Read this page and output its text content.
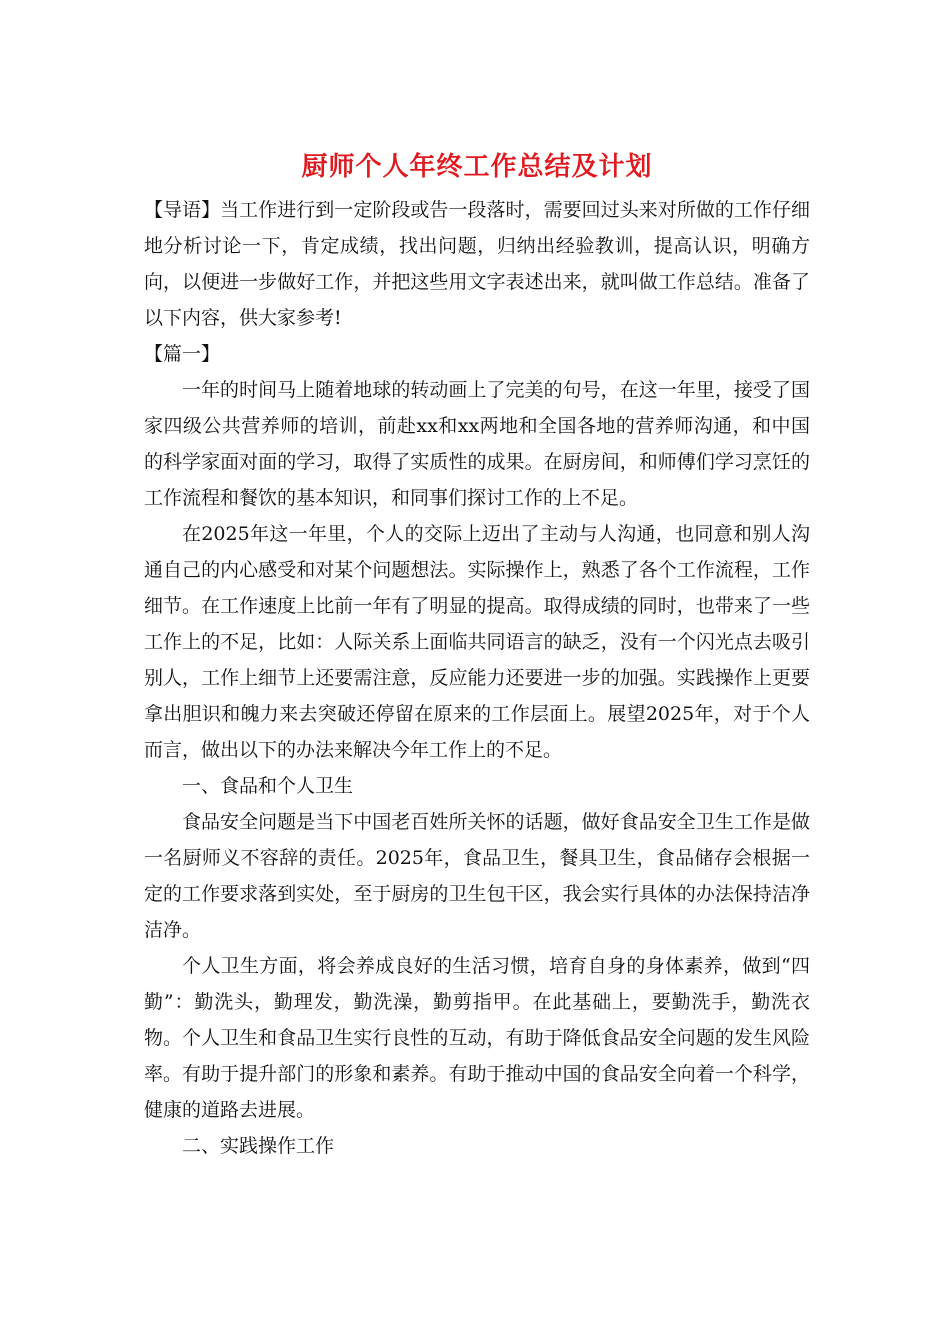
厨师个人年终工作总结及计划

【导语】当工作进行到一定阶段或告一段落时，需要回过头来对所做的工作仔细地分析讨论一下，肯定成绩，找出问题，归纳出经验教训，提高认识，明确方向，以便进一步做好工作，并把这些用文字表述出来，就叫做工作总结。准备了以下内容，供大家参考!

【篇一】

一年的时间马上随着地球的转动画上了完美的句号，在这一年里，接受了国家四级公共营养师的培训，前赴xx和xx两地和全国各地的营养师沟通，和中国的科学家面对面的学习，取得了实质性的成果。在厨房间，和师傅们学习烹饪的工作流程和餐饮的基本知识，和同事们探讨工作的上不足。

在2025年这一年里，个人的交际上迈出了主动与人沟通，也同意和别人沟通自己的内心感受和对某个问题想法。实际操作上，熟悉了各个工作流程，工作细节。在工作速度上比前一年有了明显的提高。取得成绩的同时，也带来了一些工作上的不足，比如：人际关系上面临共同语言的缺乏，没有一个闪光点去吸引别人，工作上细节上还要需注意，反应能力还要进一步的加强。实践操作上更要拿出胆识和魄力来去突破还停留在原来的工作层面上。展望2025年，对于个人而言，做出以下的办法来解决今年工作上的不足。

一、食品和个人卫生

食品安全问题是当下中国老百姓所关怀的话题，做好食品安全卫生工作是做一名厨师义不容辞的责任。2025年，食品卫生，餐具卫生，食品储存会根据一定的工作要求落到实处，至于厨房的卫生包干区，我会实行具体的办法保持洁净洁净。

个人卫生方面，将会养成良好的生活习惯，培育自身的身体素养，做到“四勤”：勤洗头，勤理发，勤洗澡，勤剪指甲。在此基础上，要勤洗手，勤洗衣物。个人卫生和食品卫生实行良性的互动，有助于降低食品安全问题的发生风险率。有助于提升部门的形象和素养。有助于推动中国的食品安全向着一个科学，健康的道路去进展。

二、实践操作工作
